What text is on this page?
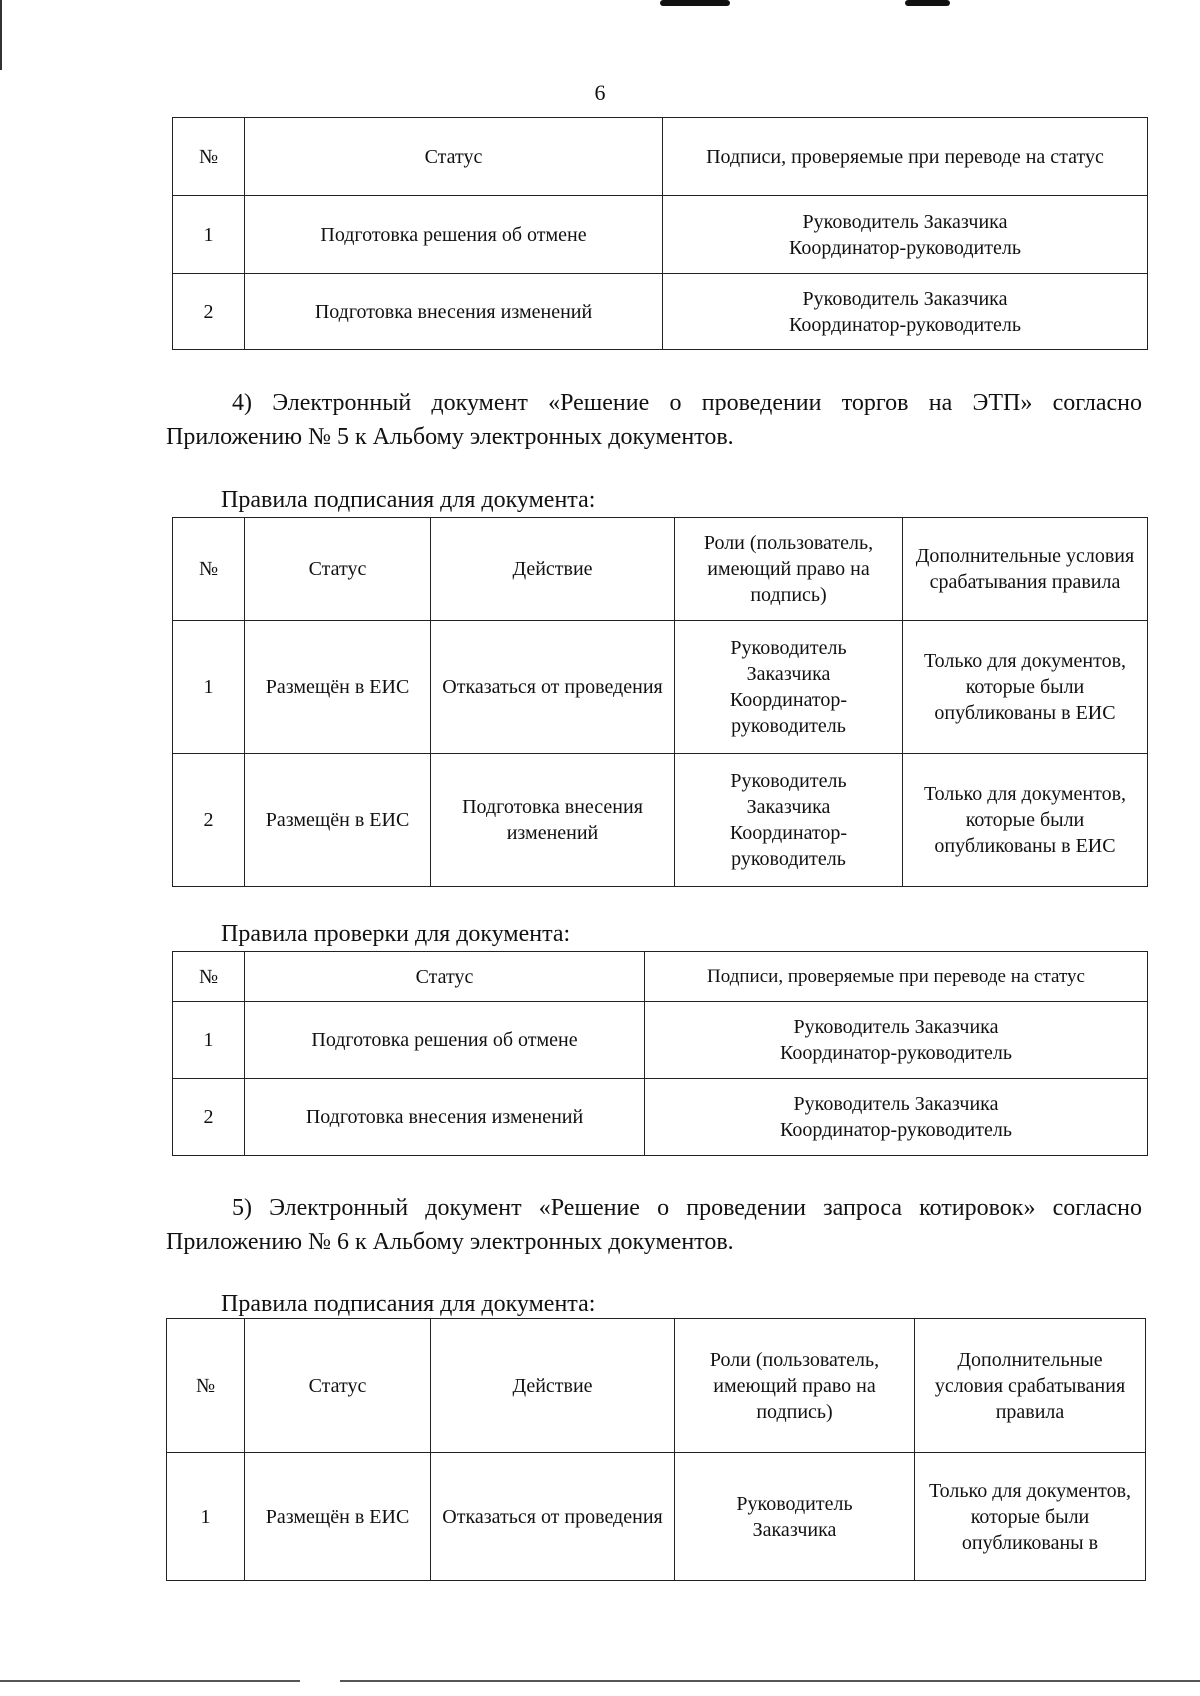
6
№	Статус	Подписи, проверяемые при переводе на статус
1	Подготовка решения об отмене	Руководитель Заказчика
Координатор-руководитель

2	Подготовка внесения изменений	Руководитель Заказчика
Координатор-руководитель
4) Электронный документ «Решение о проведении торгов на ЭТП» согласно Приложению № 5 к Альбому электронных документов.
Правила подписания для документа:
№	Статус	Действие	Роли (пользователь, имеющий право на подпись)	Дополнительные условия срабатывания правила
1	Размещён в ЕИС	Отказаться от проведения	Руководитель
Заказчика
Координатор-
руководитель	Только для документов, которые были опубликованы в ЕИС
2	Размещён в ЕИС	Подготовка внесения изменений	Руководитель
Заказчика
Координатор-
руководитель	Только для документов, которые были опубликованы в ЕИС
Правила проверки для документа:
№	Статус	Подписи, проверяемые при переводе на статус
1	Подготовка решения об отмене	Руководитель Заказчика
Координатор-руководитель

2	Подготовка внесения изменений	Руководитель Заказчика
Координатор-руководитель
5) Электронный документ «Решение о проведении запроса котировок» согласно Приложению № 6 к Альбому электронных документов.
Правила подписания для документа:
№	Статус	Действие	Роли (пользователь, имеющий право на подпись)	Дополнительные условия срабатывания правила
1	Размещён в ЕИС	Отказаться от проведения	Руководитель
Заказчика	Только для документов, которые были опубликованы в
